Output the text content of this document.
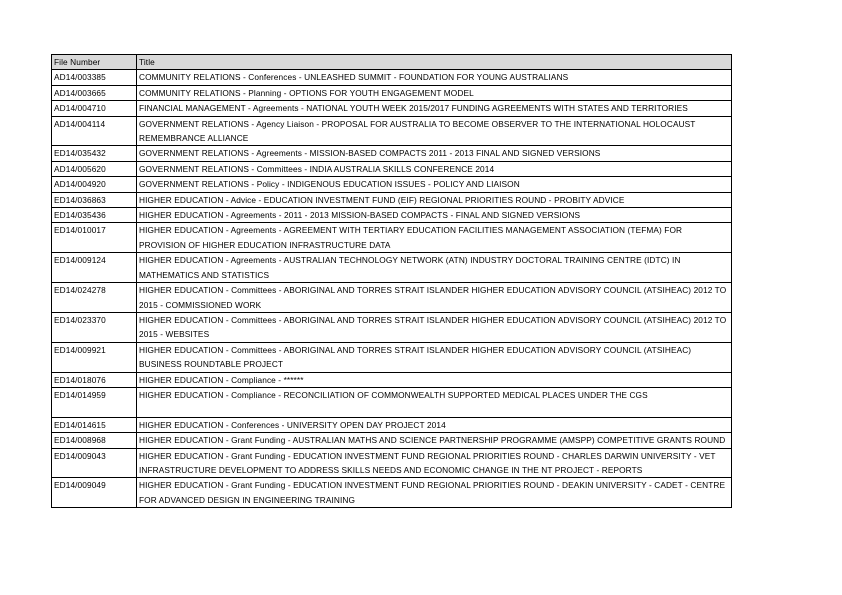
File Number	Title
AD14/003385	COMMUNITY RELATIONS - Conferences - UNLEASHED SUMMIT - FOUNDATION FOR YOUNG AUSTRALIANS
AD14/003665	COMMUNITY RELATIONS - Planning - OPTIONS FOR YOUTH ENGAGEMENT MODEL
AD14/004710	FINANCIAL MANAGEMENT - Agreements - NATIONAL YOUTH WEEK 2015/2017 FUNDING AGREEMENTS WITH STATES AND TERRITORIES
AD14/004114	GOVERNMENT RELATIONS - Agency Liaison - PROPOSAL FOR AUSTRALIA TO BECOME OBSERVER TO THE INTERNATIONAL HOLOCAUST REMEMBRANCE ALLIANCE
ED14/035432	GOVERNMENT RELATIONS - Agreements - MISSION-BASED COMPACTS 2011 - 2013 FINAL AND SIGNED VERSIONS
AD14/005620	GOVERNMENT RELATIONS - Committees - INDIA AUSTRALIA SKILLS CONFERENCE 2014
AD14/004920	GOVERNMENT RELATIONS - Policy - INDIGENOUS EDUCATION ISSUES - POLICY AND LIAISON
ED14/036863	HIGHER EDUCATION - Advice - EDUCATION INVESTMENT FUND (EIF) REGIONAL PRIORITIES ROUND - PROBITY ADVICE
ED14/035436	HIGHER EDUCATION - Agreements - 2011 - 2013 MISSION-BASED COMPACTS - FINAL AND SIGNED VERSIONS
ED14/010017	HIGHER EDUCATION - Agreements - AGREEMENT WITH TERTIARY EDUCATION FACILITIES MANAGEMENT ASSOCIATION (TEFMA) FOR PROVISION OF HIGHER EDUCATION INFRASTRUCTURE DATA
ED14/009124	HIGHER EDUCATION - Agreements - AUSTRALIAN TECHNOLOGY NETWORK (ATN) INDUSTRY DOCTORAL TRAINING CENTRE (IDTC) IN MATHEMATICS AND STATISTICS
ED14/024278	HIGHER EDUCATION - Committees - ABORIGINAL AND TORRES STRAIT ISLANDER HIGHER EDUCATION ADVISORY COUNCIL (ATSIHEAC) 2012 TO 2015 - COMMISSIONED WORK
ED14/023370	HIGHER EDUCATION - Committees - ABORIGINAL AND TORRES STRAIT ISLANDER HIGHER EDUCATION ADVISORY COUNCIL (ATSIHEAC) 2012 TO 2015 - WEBSITES
ED14/009921	HIGHER EDUCATION - Committees - ABORIGINAL AND TORRES STRAIT ISLANDER HIGHER EDUCATION ADVISORY COUNCIL (ATSIHEAC) BUSINESS ROUNDTABLE PROJECT
ED14/018076	HIGHER EDUCATION - Compliance - ******
ED14/014959	HIGHER EDUCATION - Compliance - RECONCILIATION OF COMMONWEALTH SUPPORTED MEDICAL PLACES UNDER THE CGS
ED14/014615	HIGHER EDUCATION - Conferences - UNIVERSITY OPEN DAY PROJECT 2014
ED14/008968	HIGHER EDUCATION - Grant Funding - AUSTRALIAN MATHS AND SCIENCE PARTNERSHIP PROGRAMME (AMSPP) COMPETITIVE GRANTS ROUND
ED14/009043	HIGHER EDUCATION - Grant Funding - EDUCATION INVESTMENT FUND REGIONAL PRIORITIES ROUND - CHARLES DARWIN UNIVERSITY - VET INFRASTRUCTURE DEVELOPMENT TO ADDRESS SKILLS NEEDS AND ECONOMIC CHANGE IN THE NT PROJECT - REPORTS
ED14/009049	HIGHER EDUCATION - Grant Funding - EDUCATION INVESTMENT FUND REGIONAL PRIORITIES ROUND - DEAKIN UNIVERSITY - CADET - CENTRE FOR ADVANCED DESIGN IN ENGINEERING TRAINING
